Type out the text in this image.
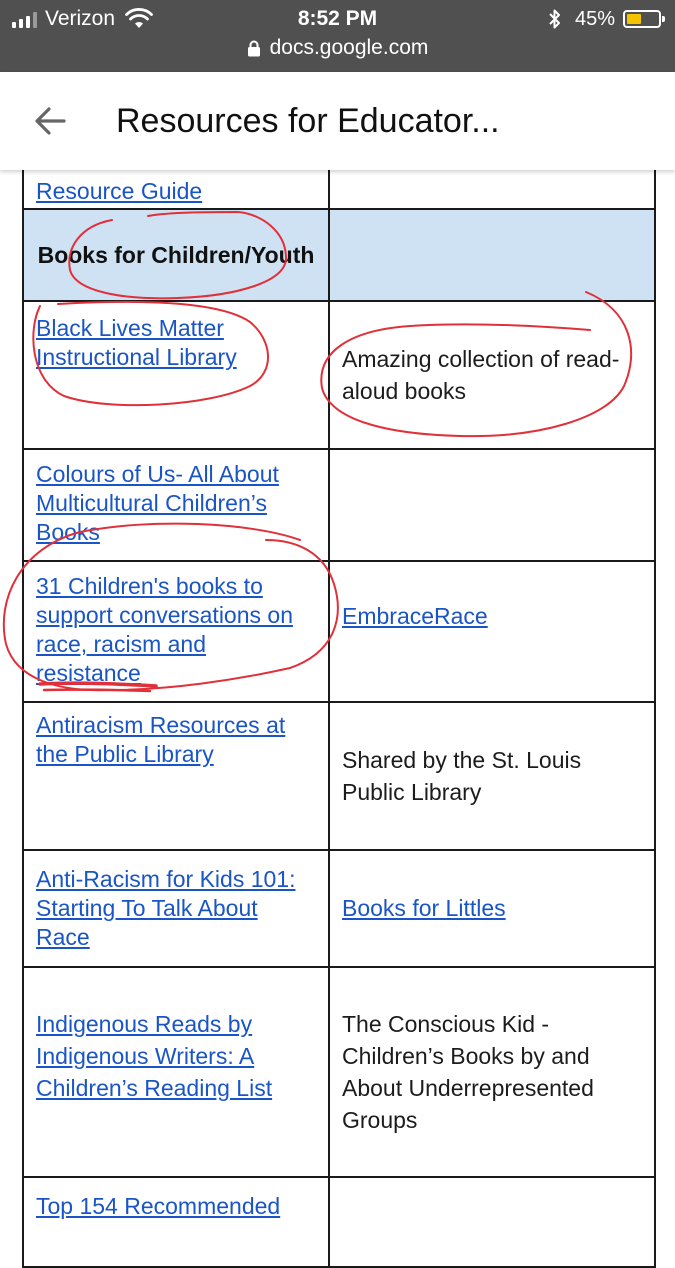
Verizon	8:52 PM	45%
docs.google.com
Resources for Educator...
Resource Guide	

Books for Children/Youth	

Black Lives Matter Instructional Library	Amazing collection of read-aloud books
Colours of Us- All About Multicultural Children’s Books	
31 Children's books to support conversations on race, racism and resistance	EmbraceRace
Antiracism Resources at the Public Library	Shared by the St. Louis Public Library
Anti-Racism for Kids 101: Starting To Talk About Race	Books for Littles
Indigenous Reads by Indigenous Writers: A Children’s Reading List	The Conscious Kid - Children’s Books by and About Underrepresented Groups
Top 154 Recommended	
